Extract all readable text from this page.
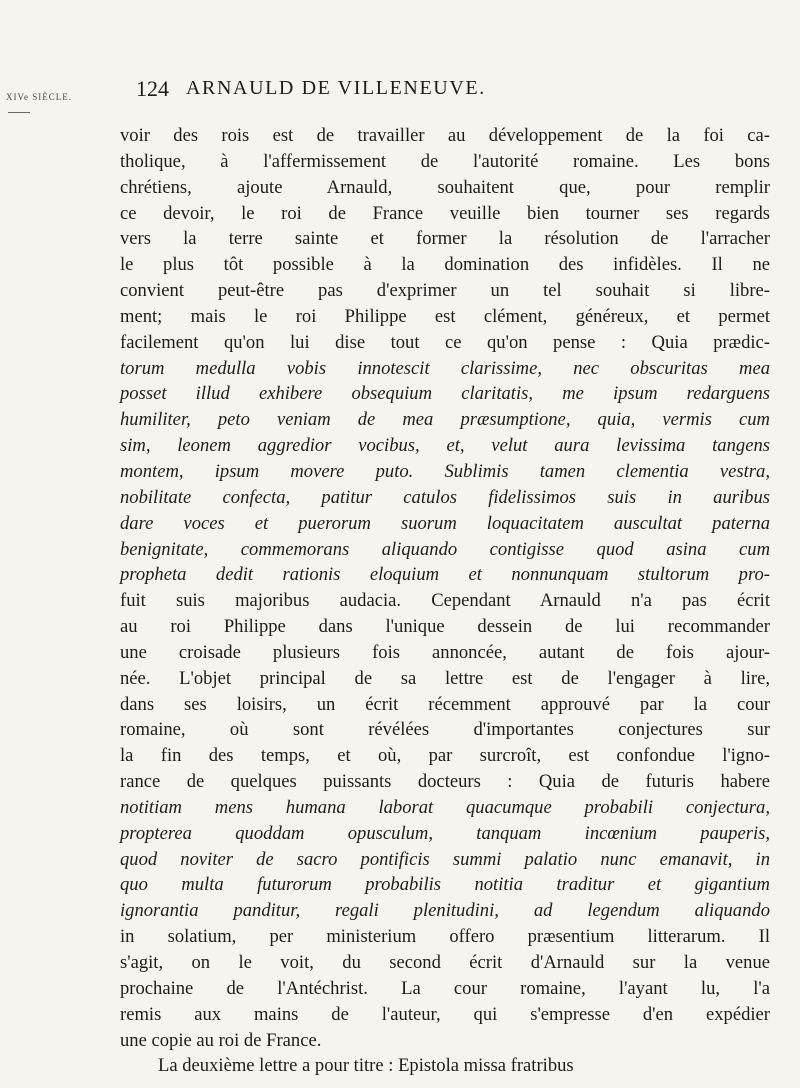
XIVe SIÈCLE.	124 ARNAULD DE VILLENEUVE.
voir des rois est de travailler au développement de la foi ca-
tholique, à l'affermissement de l'autorité romaine. Les bons
chrétiens, ajoute Arnauld, souhaitent que, pour remplir
ce devoir, le roi de France veuille bien tourner ses regards
vers la terre sainte et former la résolution de l'arracher
le plus tôt possible à la domination des infidèles. Il ne
convient peut-être pas d'exprimer un tel souhait si libre-
ment; mais le roi Philippe est clément, généreux, et permet
facilement qu'on lui dise tout ce qu'on pense : Quia prædic-
torum medulla vobis innotescit clarissime, nec obscuritas mea
posset illud exhibere obsequium claritatis, me ipsum redarguens
humiliter, peto veniam de mea præsumptione, quia, vermis cum
sim, leonem aggredior vocibus, et, velut aura levissima tangens
montem, ipsum movere puto. Sublimis tamen clementia vestra,
nobilitate confecta, patitur catulos fidelissimos suis in auribus
dare voces et puerorum suorum loquacitatem auscultat paterna
benignitate, commemorans aliquando contigisse quod asina cum
propheta dedit rationis eloquium et nonnunquam stultorum pro-
fuit suis majoribus audacia. Cependant Arnauld n'a pas écrit
au roi Philippe dans l'unique dessein de lui recommander
une croisade plusieurs fois annoncée, autant de fois ajour-
née. L'objet principal de sa lettre est de l'engager à lire,
dans ses loisirs, un écrit récemment approuvé par la cour
romaine, où sont révélées d'importantes conjectures sur
la fin des temps, et où, par surcroît, est confondue l'igno-
rance de quelques puissants docteurs : Quia de futuris habere
notitiam mens humana laborat quacumque probabili conjectura,
propterea quoddam opusculum, tanquam incœnium pauperis,
quod noviter de sacro pontificis summi palatio nunc emanavit, in
quo multa futurorum probabilis notitia traditur et gigantium
ignorantia panditur, regali plenitudini, ad legendum aliquando
in solatium, per ministerium offero præsentium litterarum. Il
s'agit, on le voit, du second écrit d'Arnauld sur la venue
prochaine de l'Antéchrist. La cour romaine, l'ayant lu, l'a
remis aux mains de l'auteur, qui s'empresse d'en expédier
une copie au roi de France.
La deuxième lettre a pour titre : Epistola missa fratribus
